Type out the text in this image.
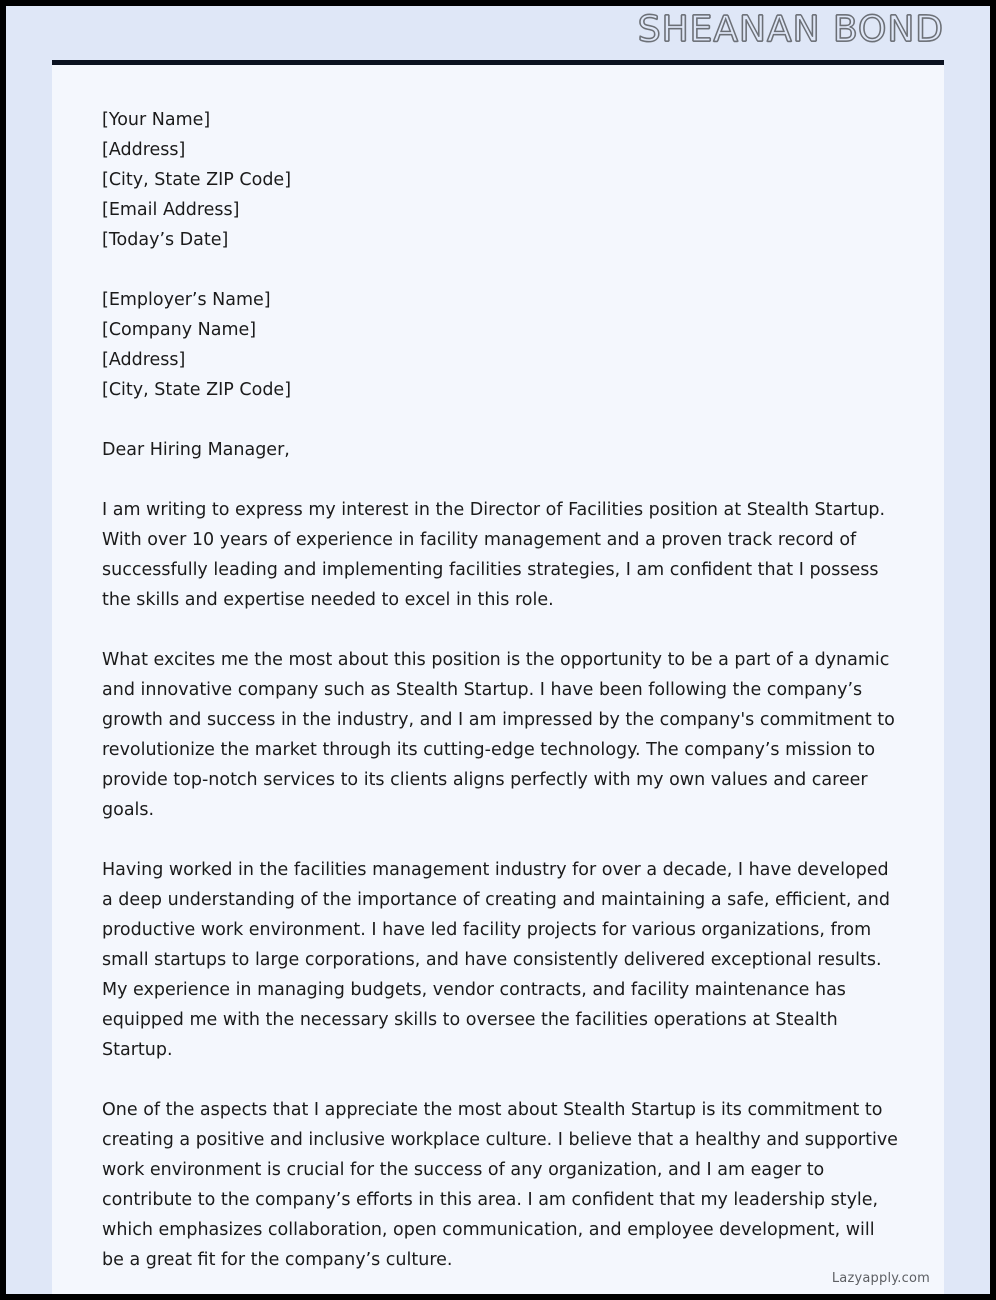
SHEANAN BOND
[Your Name]
[Address]
[City, State ZIP Code]
[Email Address]
[Today’s Date]
[Employer’s Name]
[Company Name]
[Address]
[City, State ZIP Code]
Dear Hiring Manager,

I am writing to express my interest in the Director of Facilities position at Stealth Startup. With over 10 years of experience in facility management and a proven track record of successfully leading and implementing facilities strategies, I am confident that I possess the skills and expertise needed to excel in this role.

What excites me the most about this position is the opportunity to be a part of a dynamic and innovative company such as Stealth Startup. I have been following the company’s growth and success in the industry, and I am impressed by the company's commitment to revolutionize the market through its cutting-edge technology. The company’s mission to provide top-notch services to its clients aligns perfectly with my own values and career goals.

Having worked in the facilities management industry for over a decade, I have developed a deep understanding of the importance of creating and maintaining a safe, efficient, and productive work environment. I have led facility projects for various organizations, from small startups to large corporations, and have consistently delivered exceptional results. My experience in managing budgets, vendor contracts, and facility maintenance has equipped me with the necessary skills to oversee the facilities operations at Stealth Startup.

One of the aspects that I appreciate the most about Stealth Startup is its commitment to creating a positive and inclusive workplace culture. I believe that a healthy and supportive work environment is crucial for the success of any organization, and I am eager to contribute to the company’s efforts in this area. I am confident that my leadership style, which emphasizes collaboration, open communication, and employee development, will be a great fit for the company’s culture.

Lazyapply.com
